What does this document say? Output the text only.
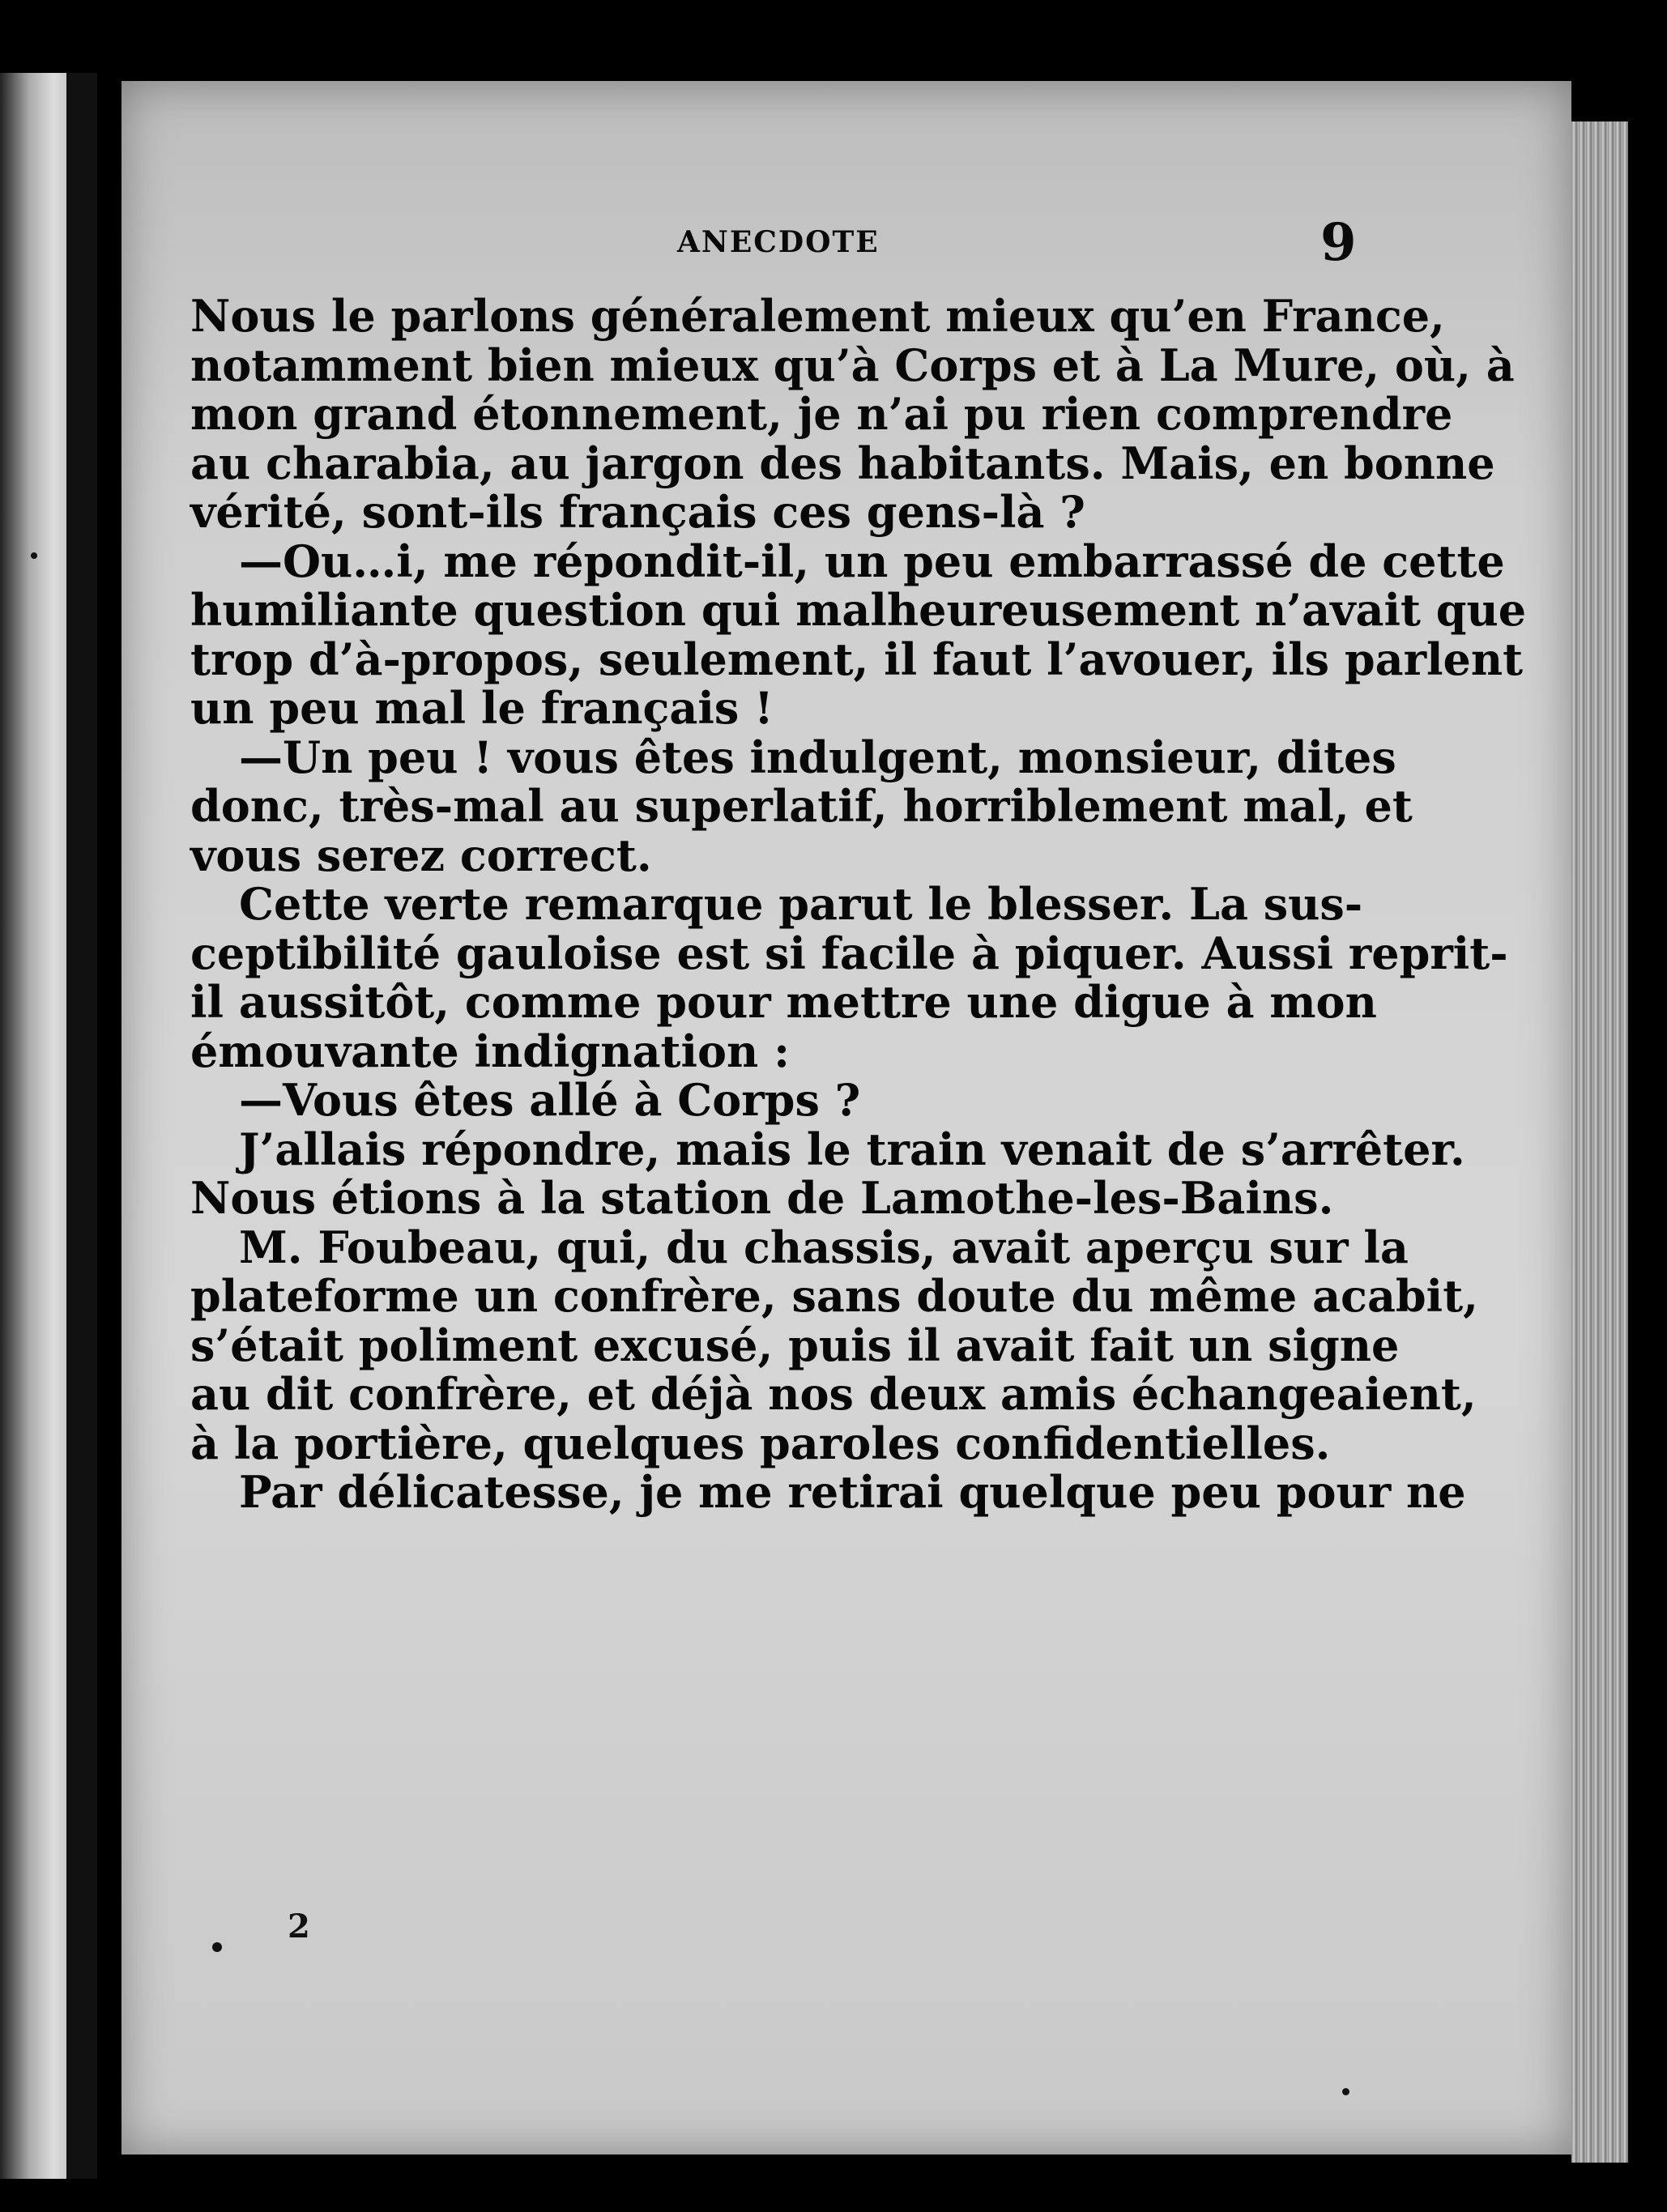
ANECDOTE	9
Nous le parlons généralement mieux qu’en France,
notamment bien mieux qu’à Corps et à La Mure, où, à
mon grand étonnement, je n’ai pu rien comprendre
au charabia, au jargon des habitants. Mais, en bonne
vérité, sont-ils français ces gens-là ?
—Ou…i, me répondit-il, un peu embarrassé de cette
humiliante question qui malheureusement n’avait que
trop d’à-propos, seulement, il faut l’avouer, ils parlent
un peu mal le français !
—Un peu ! vous êtes indulgent, monsieur, dites
donc, très-mal au superlatif, horriblement mal, et
vous serez correct.
Cette verte remarque parut le blesser. La sus-
ceptibilité gauloise est si facile à piquer. Aussi reprit-
il aussitôt, comme pour mettre une digue à mon
émouvante indignation :
—Vous êtes allé à Corps ?
J’allais répondre, mais le train venait de s’arrêter.
Nous étions à la station de Lamothe-les-Bains.
M. Foubeau, qui, du chassis, avait aperçu sur la
plateforme un confrère, sans doute du même acabit,
s’était poliment excusé, puis il avait fait un signe
au dit confrère, et déjà nos deux amis échangeaient,
à la portière, quelques paroles confidentielles.
Par délicatesse, je me retirai quelque peu pour ne
2
